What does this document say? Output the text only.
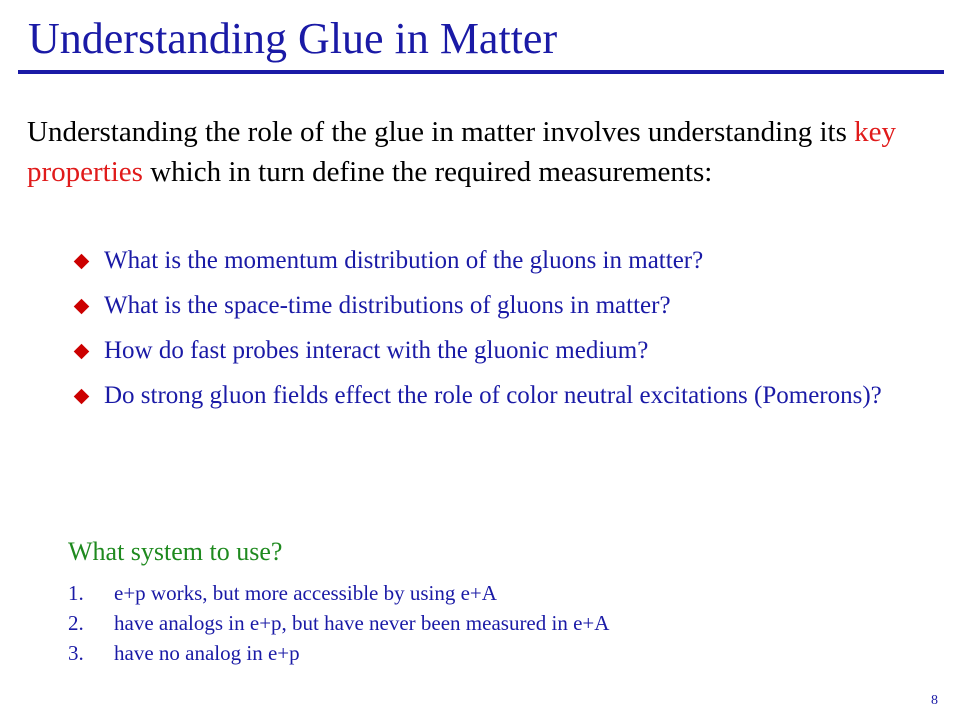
Understanding Glue in Matter
Understanding the role of the glue in matter involves understanding its key properties which in turn define the required measurements:
What is the momentum distribution of the gluons in matter?
What is the space-time distributions of gluons in matter?
How do fast probes interact with the gluonic medium?
Do strong gluon fields effect the role of color neutral excitations (Pomerons)?
What system to use?
1. e+p works, but more accessible by using e+A
2. have analogs in e+p, but have never been measured in e+A
3. have no analog in e+p
8
